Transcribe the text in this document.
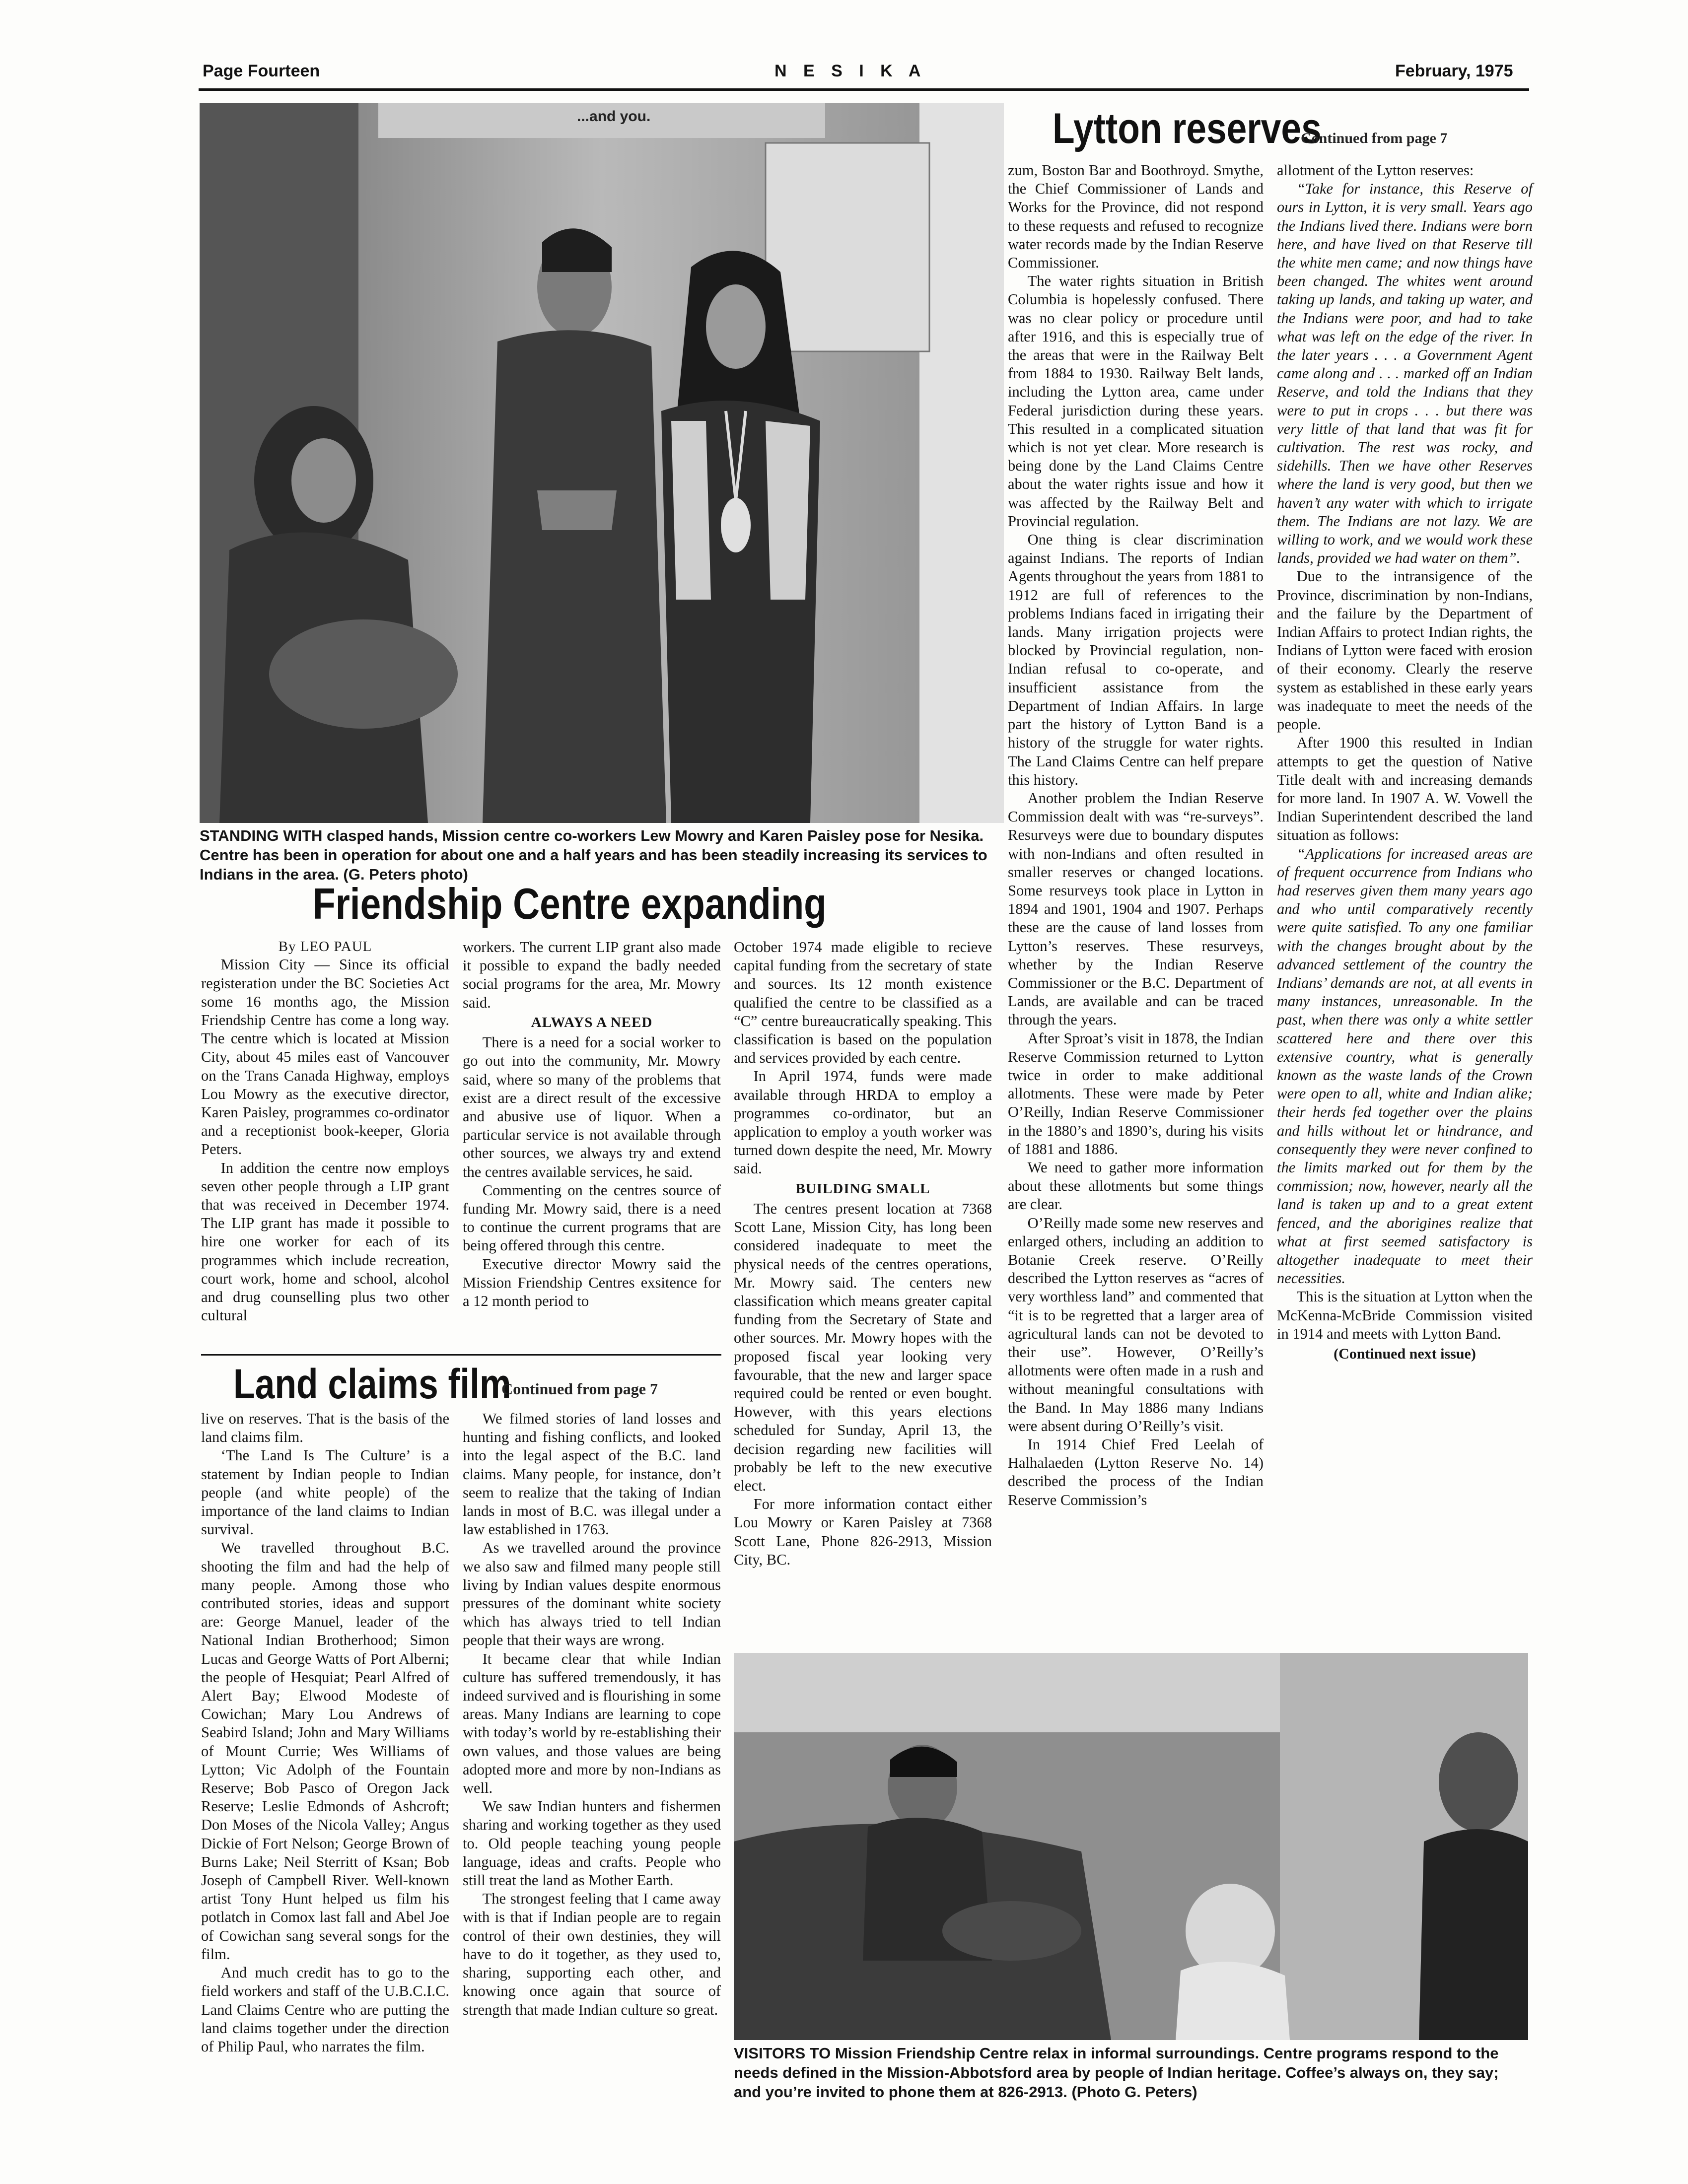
Page Fourteen	N E S I K A	February, 1975
...and you.
STANDING WITH clasped hands, Mission centre co-workers Lew Mowry and Karen Paisley pose for Nesika. Centre has been in operation for about one and a half years and has been steadily increasing its services to Indians in the area. (G. Peters photo)
Friendship Centre expanding

By LEO PAUL

Mission City — Since its official registeration under the BC Societies Act some 16 months ago, the Mission Friendship Centre has come a long way. The centre which is located at Mission City, about 45 miles east of Vancouver on the Trans Canada Highway, employs Lou Mowry as the executive director, Karen Paisley, programmes co-ordinator and a receptionist book-keeper, Gloria Peters.

In addition the centre now employs seven other people through a LIP grant that was received in December 1974. The LIP grant has made it possible to hire one worker for each of its programmes which include recreation, court work, home and school, alcohol and drug counselling plus two other cultural

workers. The current LIP grant also made it possible to expand the badly needed social programs for the area, Mr. Mowry said.

ALWAYS A NEED

There is a need for a social worker to go out into the community, Mr. Mowry said, where so many of the problems that exist are a direct result of the excessive and abusive use of liquor. When a particular service is not available through other sources, we always try and extend the centres available services, he said.

Commenting on the centres source of funding Mr. Mowry said, there is a need to continue the current programs that are being offered through this centre.

Executive director Mowry said the Mission Friendship Centres exsitence for a 12 month period to

October 1974 made eligible to recieve capital funding from the secretary of state and sources. Its 12 month existence qualified the centre to be classified as a “C” centre bureaucratically speaking. This classification is based on the population and services provided by each centre.

In April 1974, funds were made available through HRDA to employ a programmes co-ordinator, but an application to employ a youth worker was turned down despite the need, Mr. Mowry said.

BUILDING SMALL

The centres present location at 7368 Scott Lane, Mission City, has long been considered inadequate to meet the physical needs of the centres operations, Mr. Mowry said. The centers new classification which means greater capital funding from the Secretary of State and other sources. Mr. Mowry hopes with the proposed fiscal year looking very favourable, that the new and larger space required could be rented or even bought. However, with this years elections scheduled for Sunday, April 13, the decision regarding new facilities will probably be left to the new executive elect.

For more information contact either Lou Mowry or Karen Paisley at 7368 Scott Lane, Phone 826-2913, Mission City, BC.

Land claims film
Continued from page 7

live on reserves. That is the basis of the land claims film.

‘The Land Is The Culture’ is a statement by Indian people to Indian people (and white people) of the importance of the land claims to Indian survival.

We travelled throughout B.C. shooting the film and had the help of many people. Among those who contributed stories, ideas and support are: George Manuel, leader of the National Indian Brotherhood; Simon Lucas and George Watts of Port Alberni; the people of Hesquiat; Pearl Alfred of Alert Bay; Elwood Modeste of Cowichan; Mary Lou Andrews of Seabird Island; John and Mary Williams of Mount Currie; Wes Williams of Lytton; Vic Adolph of the Fountain Reserve; Bob Pasco of Oregon Jack Reserve; Leslie Edmonds of Ashcroft; Don Moses of the Nicola Valley; Angus Dickie of Fort Nelson; George Brown of Burns Lake; Neil Sterritt of Ksan; Bob Joseph of Campbell River. Well-known artist Tony Hunt helped us film his potlatch in Comox last fall and Abel Joe of Cowichan sang several songs for the film.

And much credit has to go to the field workers and staff of the U.B.C.I.C. Land Claims Centre who are putting the land claims together under the direction of Philip Paul, who narrates the film.

We filmed stories of land losses and hunting and fishing conflicts, and looked into the legal aspect of the B.C. land claims. Many people, for instance, don’t seem to realize that the taking of Indian lands in most of B.C. was illegal under a law established in 1763.

As we travelled around the province we also saw and filmed many people still living by Indian values despite enormous pressures of the dominant white society which has always tried to tell Indian people that their ways are wrong.

It became clear that while Indian culture has suffered tremendously, it has indeed survived and is flourishing in some areas. Many Indians are learning to cope with today’s world by re-establishing their own values, and those values are being adopted more and more by non-Indians as well.

We saw Indian hunters and fishermen sharing and working together as they used to. Old people teaching young people language, ideas and crafts. People who still treat the land as Mother Earth.

The strongest feeling that I came away with is that if Indian people are to regain control of their own destinies, they will have to do it together, as they used to, sharing, supporting each other, and knowing once again that source of strength that made Indian culture so great.

Lytton reserves
Continued from page 7

zum, Boston Bar and Boothroyd. Smythe, the Chief Commissioner of Lands and Works for the Province, did not respond to these requests and refused to recognize water records made by the Indian Reserve Commissioner.

The water rights situation in British Columbia is hopelessly confused. There was no clear policy or procedure until after 1916, and this is especially true of the areas that were in the Railway Belt from 1884 to 1930. Railway Belt lands, including the Lytton area, came under Federal jurisdiction during these years. This resulted in a complicated situation which is not yet clear. More research is being done by the Land Claims Centre about the water rights issue and how it was affected by the Railway Belt and Provincial regulation.

One thing is clear discrimination against Indians. The reports of Indian Agents throughout the years from 1881 to 1912 are full of references to the problems Indians faced in irrigating their lands. Many irrigation projects were blocked by Provincial regulation, non-Indian refusal to co-operate, and insufficient assistance from the Department of Indian Affairs. In large part the history of Lytton Band is a history of the struggle for water rights. The Land Claims Centre can helf prepare this history.

Another problem the Indian Reserve Commission dealt with was “re-surveys”. Resurveys were due to boundary disputes with non-Indians and often resulted in smaller reserves or changed locations. Some resurveys took place in Lytton in 1894 and 1901, 1904 and 1907. Perhaps these are the cause of land losses from Lytton’s reserves. These resurveys, whether by the Indian Reserve Commissioner or the B.C. Department of Lands, are available and can be traced through the years.

After Sproat’s visit in 1878, the Indian Reserve Commission returned to Lytton twice in order to make additional allotments. These were made by Peter O’Reilly, Indian Reserve Commissioner in the 1880’s and 1890’s, during his visits of 1881 and 1886.

We need to gather more information about these allotments but some things are clear.

O’Reilly made some new reserves and enlarged others, including an addition to Botanie Creek reserve. O’Reilly described the Lytton reserves as “acres of very worthless land” and commented that “it is to be regretted that a larger area of agricultural lands can not be devoted to their use”. However, O’Reilly’s allotments were often made in a rush and without meaningful consultations with the Band. In May 1886 many Indians were absent during O’Reilly’s visit.

In 1914 Chief Fred Leelah of Halhalaeden (Lytton Reserve No. 14) described the process of the Indian Reserve Commission’s

allotment of the Lytton reserves:

“Take for instance, this Reserve of ours in Lytton, it is very small. Years ago the Indians lived there. Indians were born here, and have lived on that Reserve till the white men came; and now things have been changed. The whites went around taking up lands, and taking up water, and the Indians were poor, and had to take what was left on the edge of the river. In the later years . . . a Government Agent came along and . . . marked off an Indian Reserve, and told the Indians that they were to put in crops . . . but there was very little of that land that was fit for cultivation. The rest was rocky, and sidehills. Then we have other Reserves where the land is very good, but then we haven’t any water with which to irrigate them. The Indians are not lazy. We are willing to work, and we would work these lands, provided we had water on them”.

Due to the intransigence of the Province, discrimination by non-Indians, and the failure by the Department of Indian Affairs to protect Indian rights, the Indians of Lytton were faced with erosion of their economy. Clearly the reserve system as established in these early years was inadequate to meet the needs of the people.

After 1900 this resulted in Indian attempts to get the question of Native Title dealt with and increasing demands for more land. In 1907 A. W. Vowell the Indian Superintendent described the land situation as follows:

“Applications for increased areas are of frequent occurrence from Indians who had reserves given them many years ago and who until comparatively recently were quite satisfied. To any one familiar with the changes brought about by the advanced settlement of the country the Indians’ demands are not, at all events in many instances, unreasonable. In the past, when there was only a white settler scattered here and there over this extensive country, what is generally known as the waste lands of the Crown were open to all, white and Indian alike; their herds fed together over the plains and hills without let or hindrance, and consequently they were never confined to the limits marked out for them by the commission; now, however, nearly all the land is taken up and to a great extent fenced, and the aborigines realize that what at first seemed satisfactory is altogether inadequate to meet their necessities.

This is the situation at Lytton when the McKenna-McBride Commission visited in 1914 and meets with Lytton Band.

(Continued next issue)

VISITORS TO Mission Friendship Centre relax in informal surroundings. Centre programs respond to the needs defined in the Mission-Abbotsford area by people of Indian heritage. Coffee’s always on, they say; and you’re invited to phone them at 826-2913. (Photo G. Peters)
